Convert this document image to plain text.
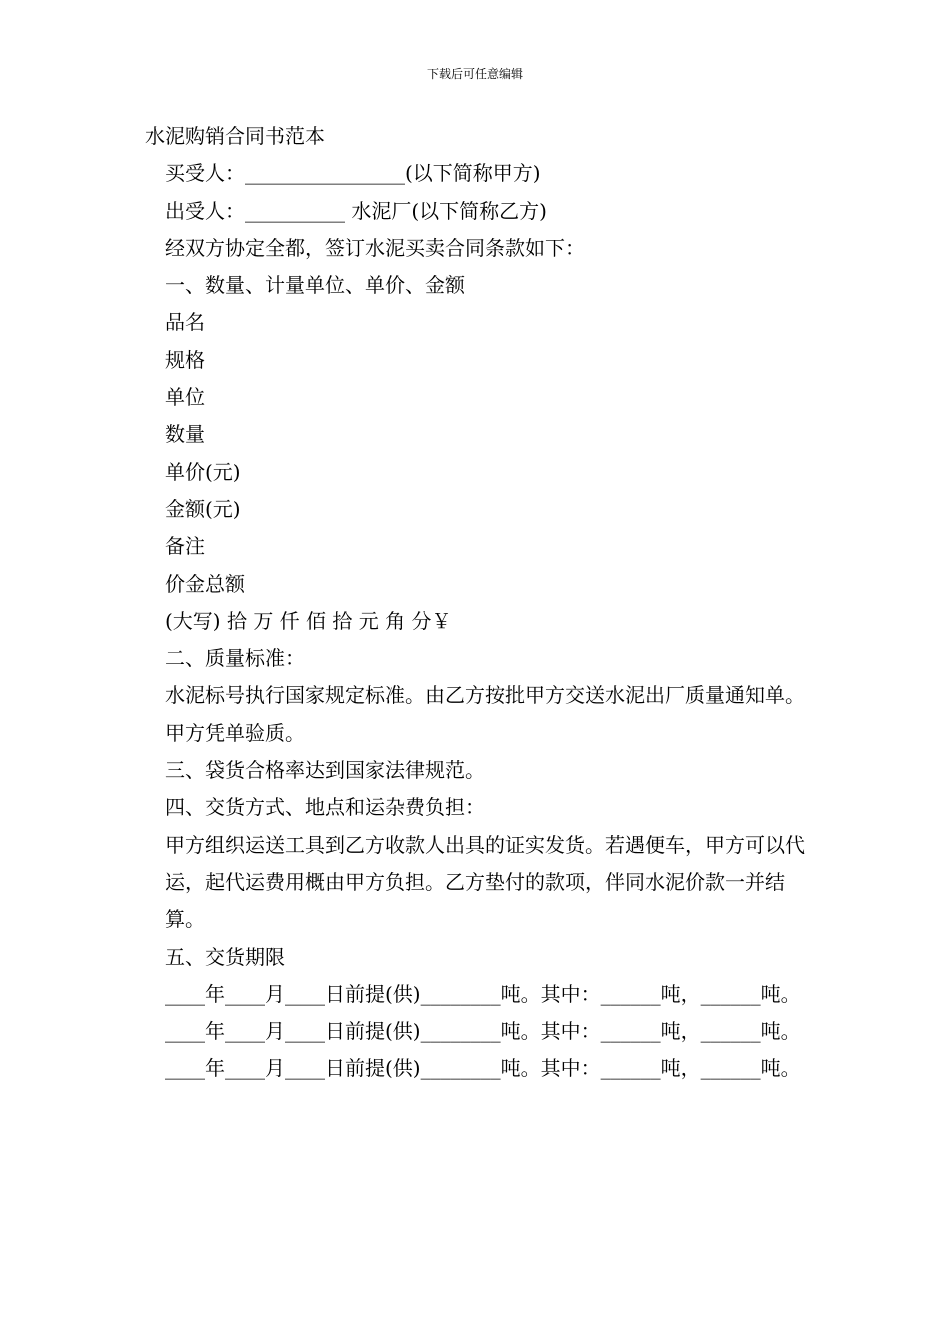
下载后可任意编辑
水泥购销合同书范本
买受人：________________(以下简称甲方)
出受人：__________ 水泥厂(以下简称乙方)
经双方协定全都，签订水泥买卖合同条款如下：
一、数量、计量单位、单价、金额
品名
规格
单位
数量
单价(元)
金额(元)
备注
价金总额
(大写) 拾 万 仟 佰 拾 元 角 分￥
二、质量标准：
水泥标号执行国家规定标准。由乙方按批甲方交送水泥出厂质量通知单。甲方凭单验质。
三、袋货合格率达到国家法律规范。
四、交货方式、地点和运杂费负担：
甲方组织运送工具到乙方收款人出具的证实发货。若遇便车，甲方可以代运，起代运费用概由甲方负担。乙方垫付的款项，伴同水泥价款一并结算。
五、交货期限
____年____月____日前提(供)________吨。其中：______吨，______吨。
____年____月____日前提(供)________吨。其中：______吨，______吨。
____年____月____日前提(供)________吨。其中：______吨，______吨。
